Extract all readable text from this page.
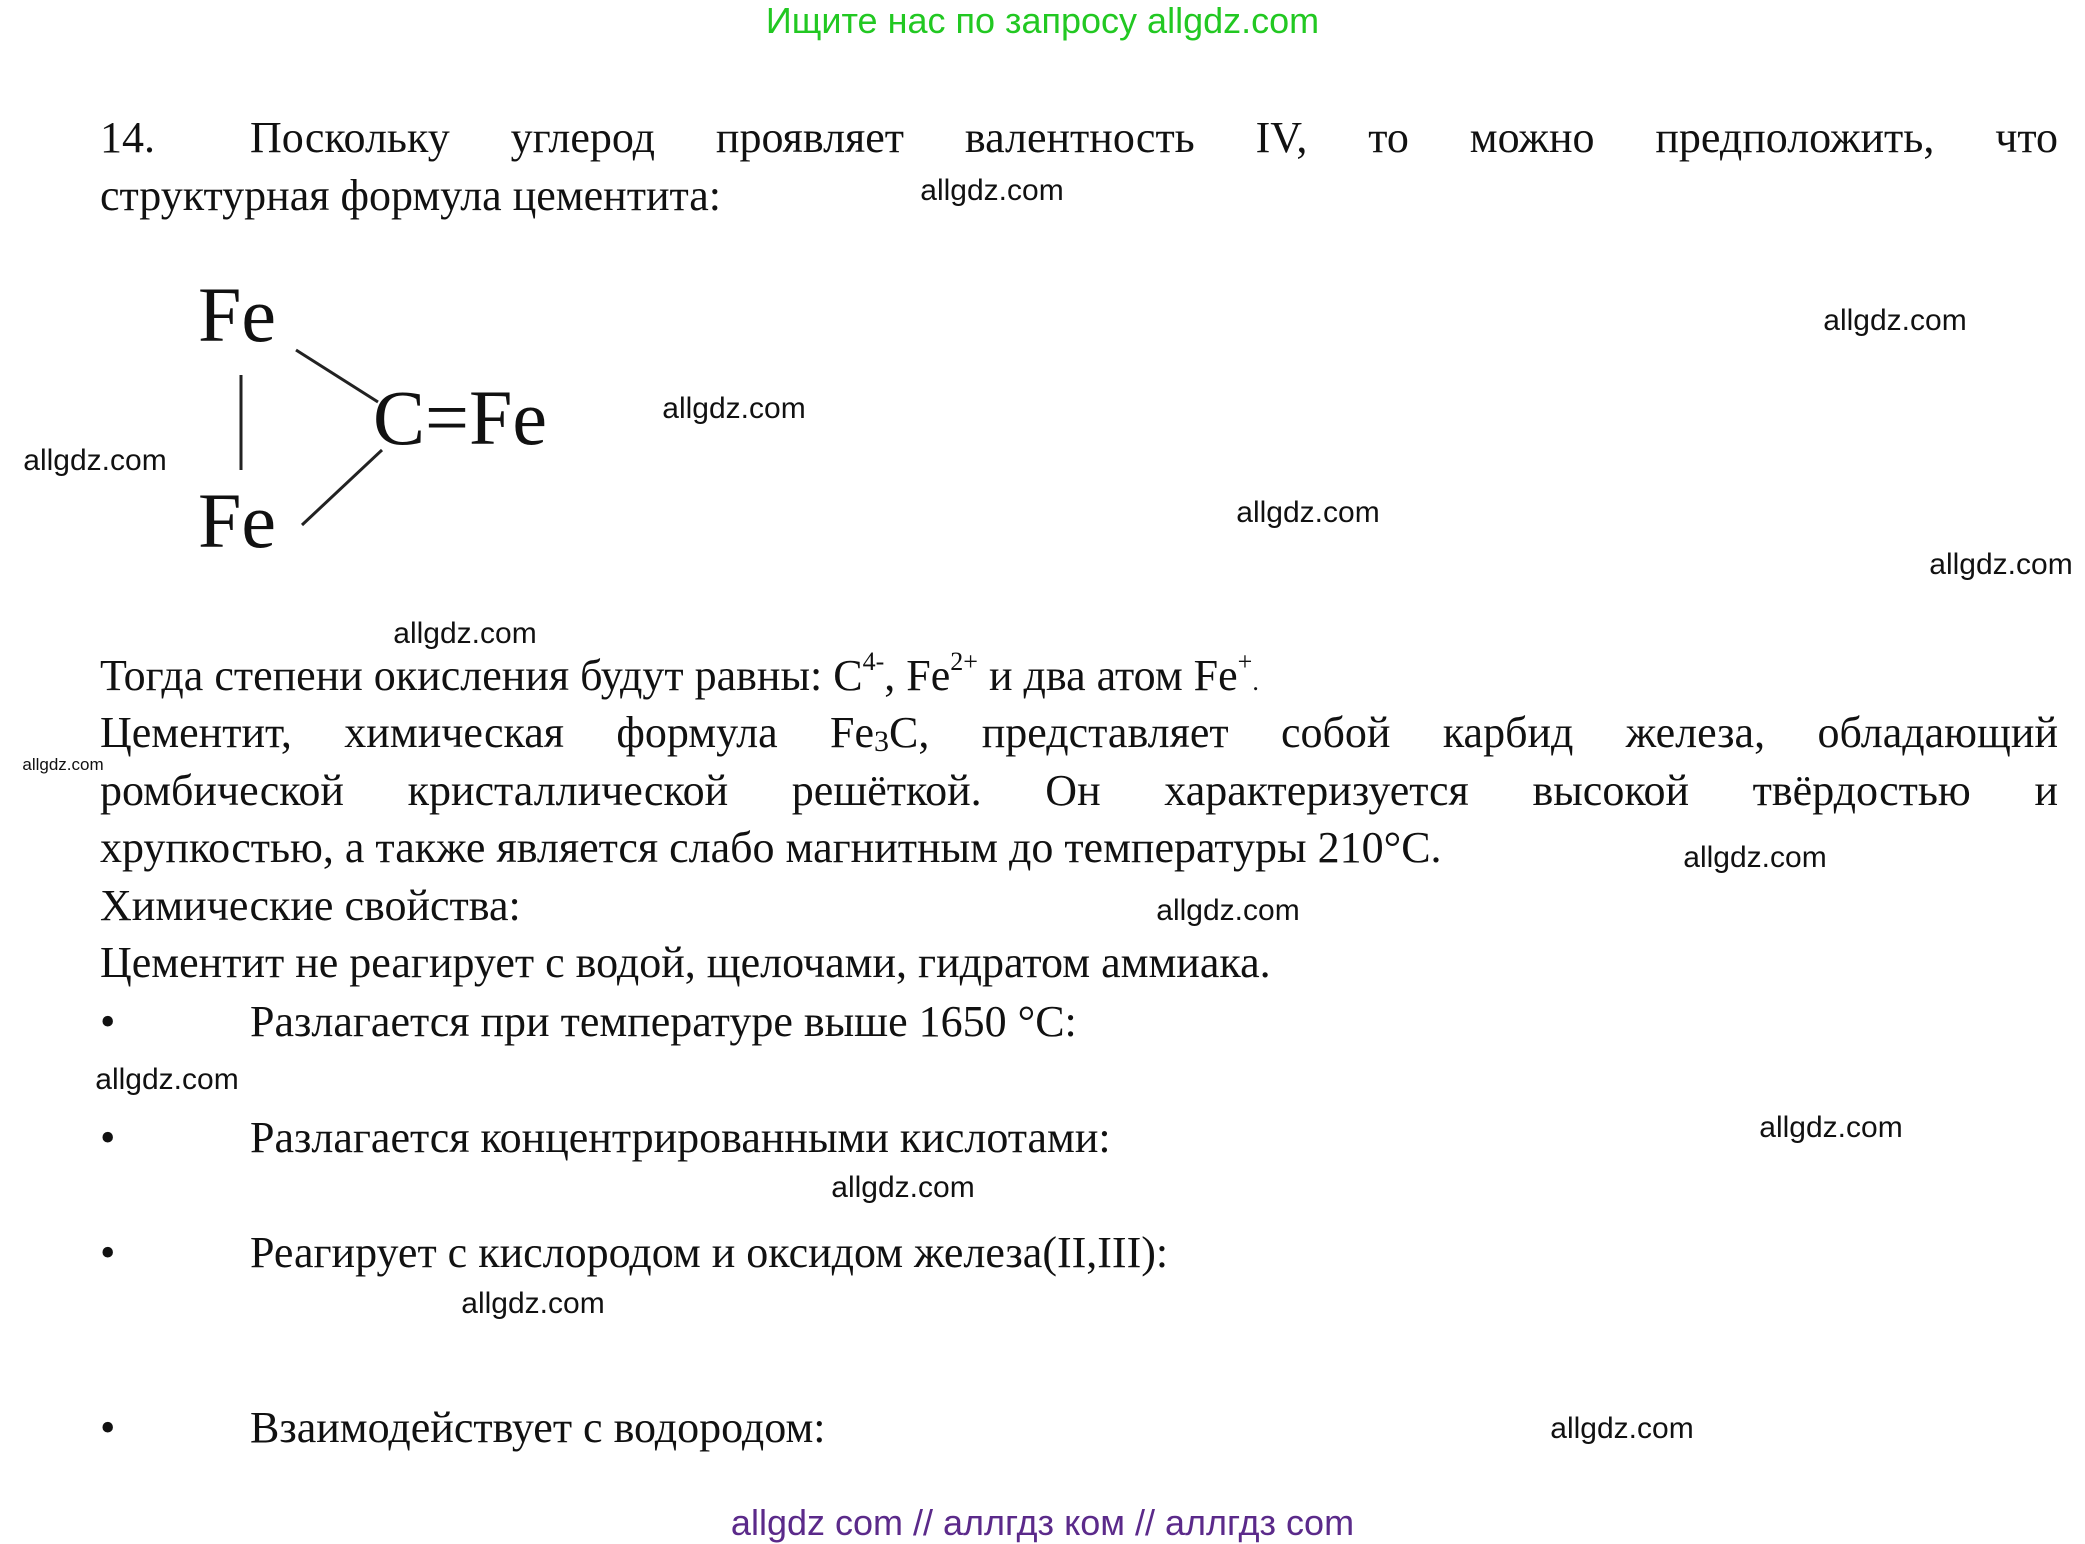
Ищите нас по запросу allgdz.com
14. Поскольку углерод проявляет валентность IV, то можно предположить, что
структурная формула цементита:
Fe
C=Fe
Fe
Тогда степени окисления будут равны: $C^{4-}$, $Fe^{2+}$ и два атом Fe+.
Цементит, химическая формула $Fe_3C$, представляет собой карбид железа, обладающий
ромбической кристаллической решёткой. Он характеризуется высокой твёрдостью и
хрупкостью, а также является слабо магнитным до температуры 210°C.
Химические свойства:
Цементит не реагирует с водой, щелочами, гидратом аммиака.
•	Разлагается при температуре выше 1650 °C:
•	Разлагается концентрированными кислотами:
•	Реагирует с кислородом и оксидом железа(II,III):
•	Взаимодействует с водородом:
allgdz.com
allgdz.com
allgdz.com
allgdz.com
allgdz.com
allgdz.com
allgdz.com
allgdz.com
allgdz.com
allgdz.com
allgdz.com
allgdz.com
allgdz.com
allgdz.com
allgdz.com
allgdz com // аллгдз ком // аллгдз com
